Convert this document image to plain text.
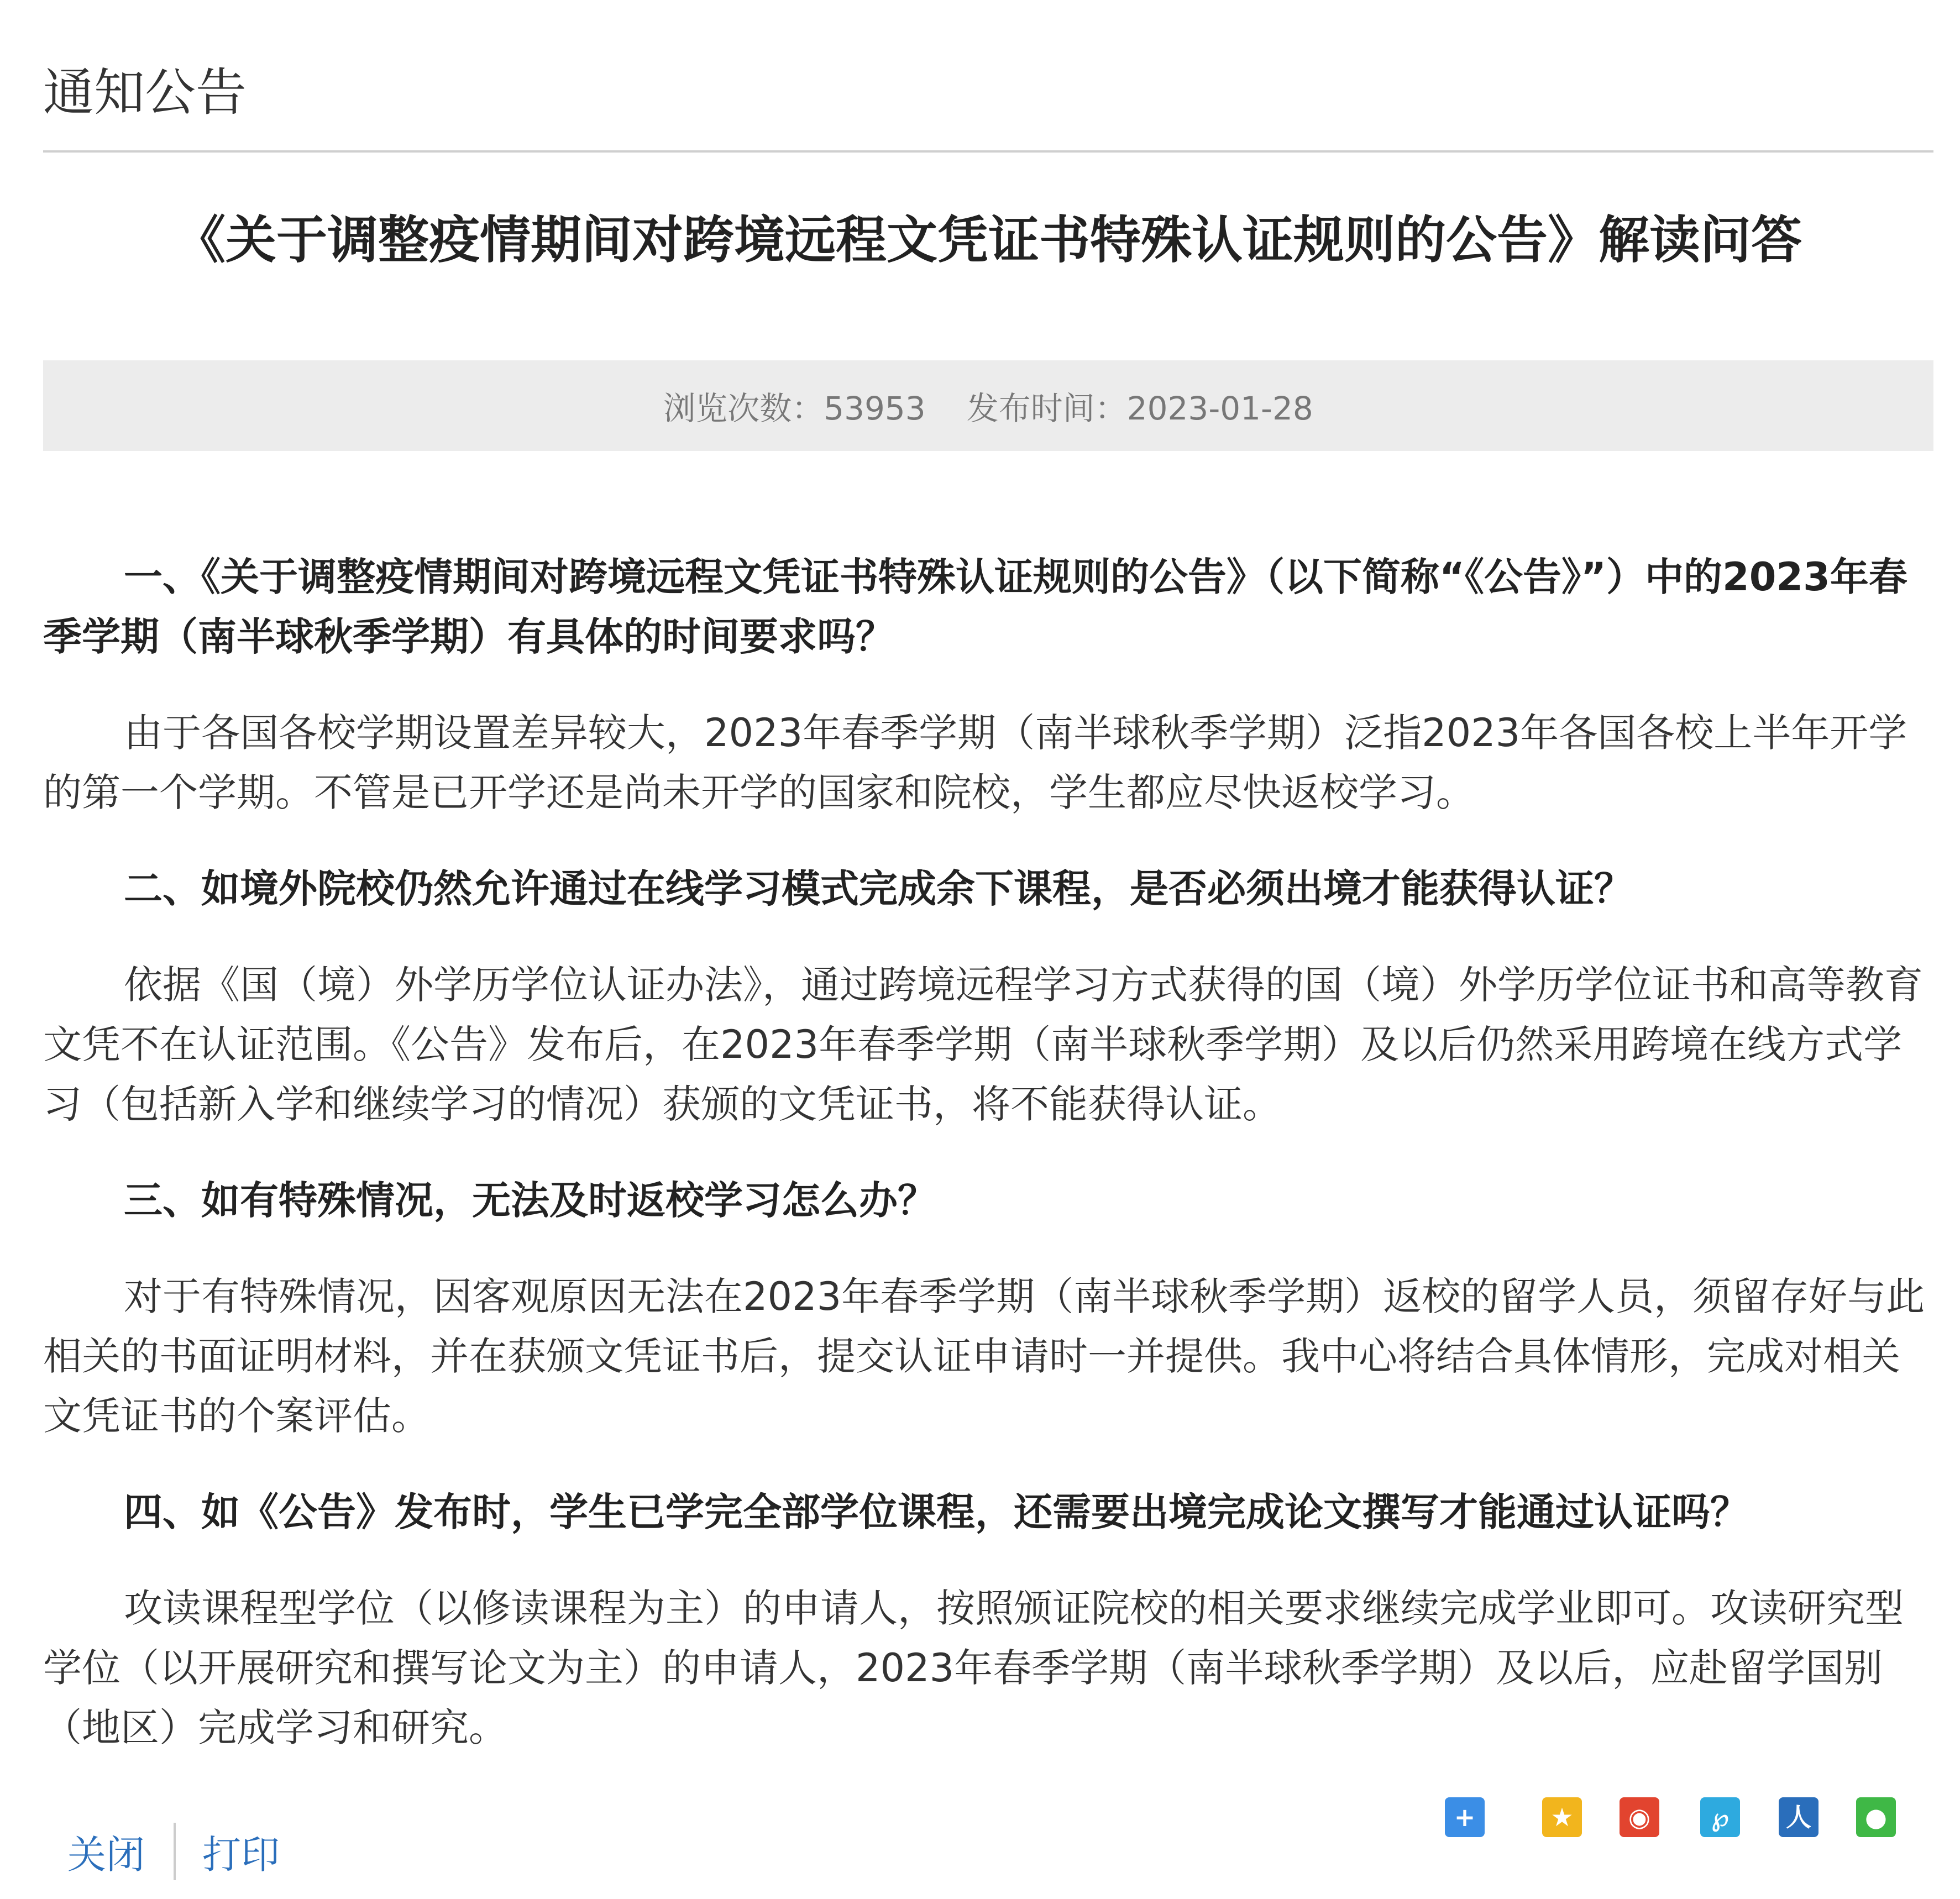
通知公告
《关于调整疫情期间对跨境远程文凭证书特殊认证规则的公告》解读问答
浏览次数：53953 发布时间：2023-01-28

一、《关于调整疫情期间对跨境远程文凭证书特殊认证规则的公告》（以下简称“《公告》”）中的2023年春季学期（南半球秋季学期）有具体的时间要求吗？

由于各国各校学期设置差异较大，2023年春季学期（南半球秋季学期）泛指2023年各国各校上半年开学的第一个学期。不管是已开学还是尚未开学的国家和院校，学生都应尽快返校学习。

二、如境外院校仍然允许通过在线学习模式完成余下课程，是否必须出境才能获得认证？

依据《国（境）外学历学位认证办法》，通过跨境远程学习方式获得的国（境）外学历学位证书和高等教育文凭不在认证范围。《公告》发布后，在2023年春季学期（南半球秋季学期）及以后仍然采用跨境在线方式学习（包括新入学和继续学习的情况）获颁的文凭证书，将不能获得认证。

三、如有特殊情况，无法及时返校学习怎么办？

对于有特殊情况，因客观原因无法在2023年春季学期（南半球秋季学期）返校的留学人员，须留存好与此相关的书面证明材料，并在获颁文凭证书后，提交认证申请时一并提供。我中心将结合具体情形，完成对相关文凭证书的个案评估。

四、如《公告》发布时，学生已学完全部学位课程，还需要出境完成论文撰写才能通过认证吗？

攻读课程型学位（以修读课程为主）的申请人，按照颁证院校的相关要求继续完成学业即可。攻读研究型学位（以开展研究和撰写论文为主）的申请人，2023年春季学期（南半球秋季学期）及以后，应赴留学国别（地区）完成学习和研究。

关闭 打印
+	★	◉	℘	人	●
